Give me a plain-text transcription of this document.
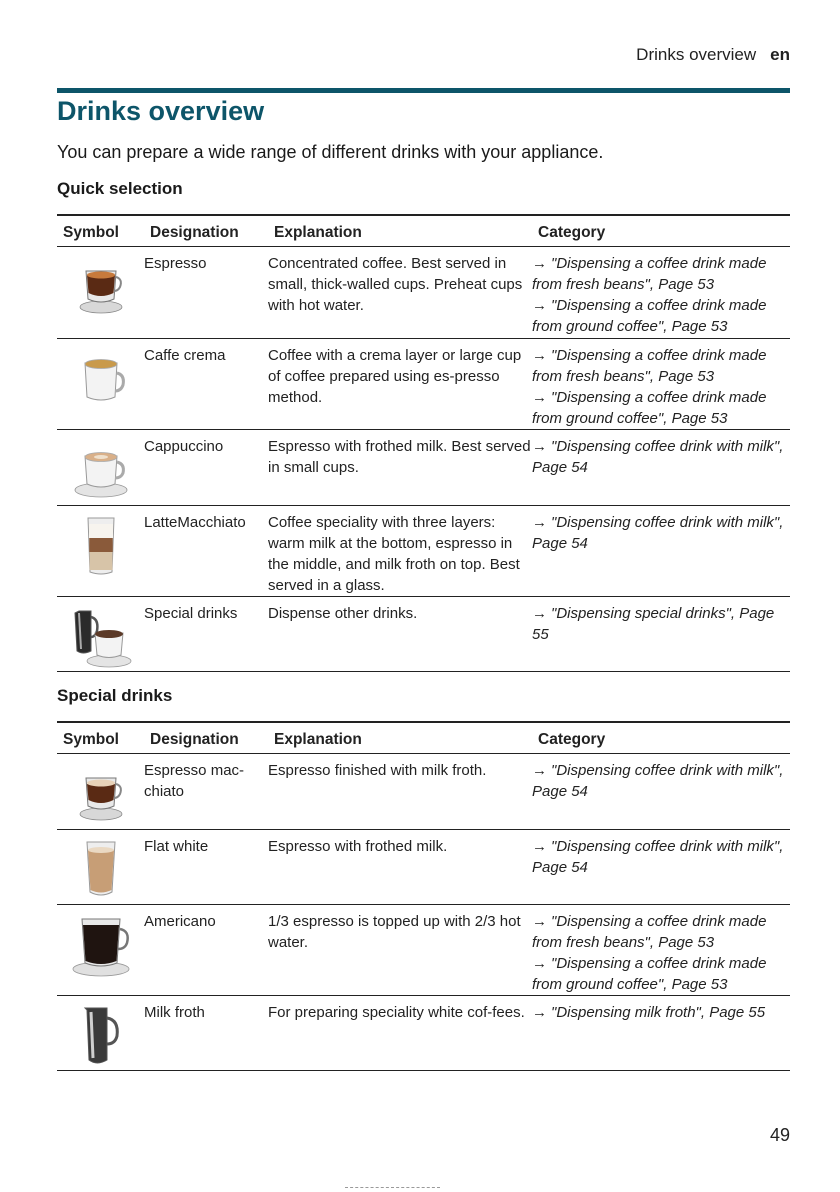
Drinks overview en
Drinks overview
You can prepare a wide range of different drinks with your appliance.
Quick selection
Symbol	Designation	Explanation	Category

	Espresso	Concentrated coffee. Best served in small, thick-walled cups. Preheat cups with hot water.	→ "Dispensing a coffee drink made from fresh beans", Page 53
→ "Dispensing a coffee drink made from ground coffee", Page 53

	Caffe crema	Coffee with a crema layer or large cup of coffee prepared using es-presso method.	→ "Dispensing a coffee drink made from fresh beans", Page 53
→ "Dispensing a coffee drink made from ground coffee", Page 53

	Cappuccino	Espresso with frothed milk. Best served in small cups.	→ "Dispensing coffee drink with milk", Page 54

	LatteMacchiato	Coffee speciality with three layers: warm milk at the bottom, espresso in the middle, and milk froth on top. Best served in a glass.	→ "Dispensing coffee drink with milk", Page 54

	Special drinks	Dispense other drinks.	→ "Dispensing special drinks", Page 55
Special drinks
Symbol	Designation	Explanation	Category

	Espresso mac-chiato	Espresso finished with milk froth.	→ "Dispensing coffee drink with milk", Page 54

	Flat white	Espresso with frothed milk.	→ "Dispensing coffee drink with milk", Page 54

	Americano	1/3 espresso is topped up with 2/3 hot water.	→ "Dispensing a coffee drink made from fresh beans", Page 53
→ "Dispensing a coffee drink made from ground coffee", Page 53

	Milk froth	For preparing speciality white cof-fees.	→ "Dispensing milk froth", Page 55
49
